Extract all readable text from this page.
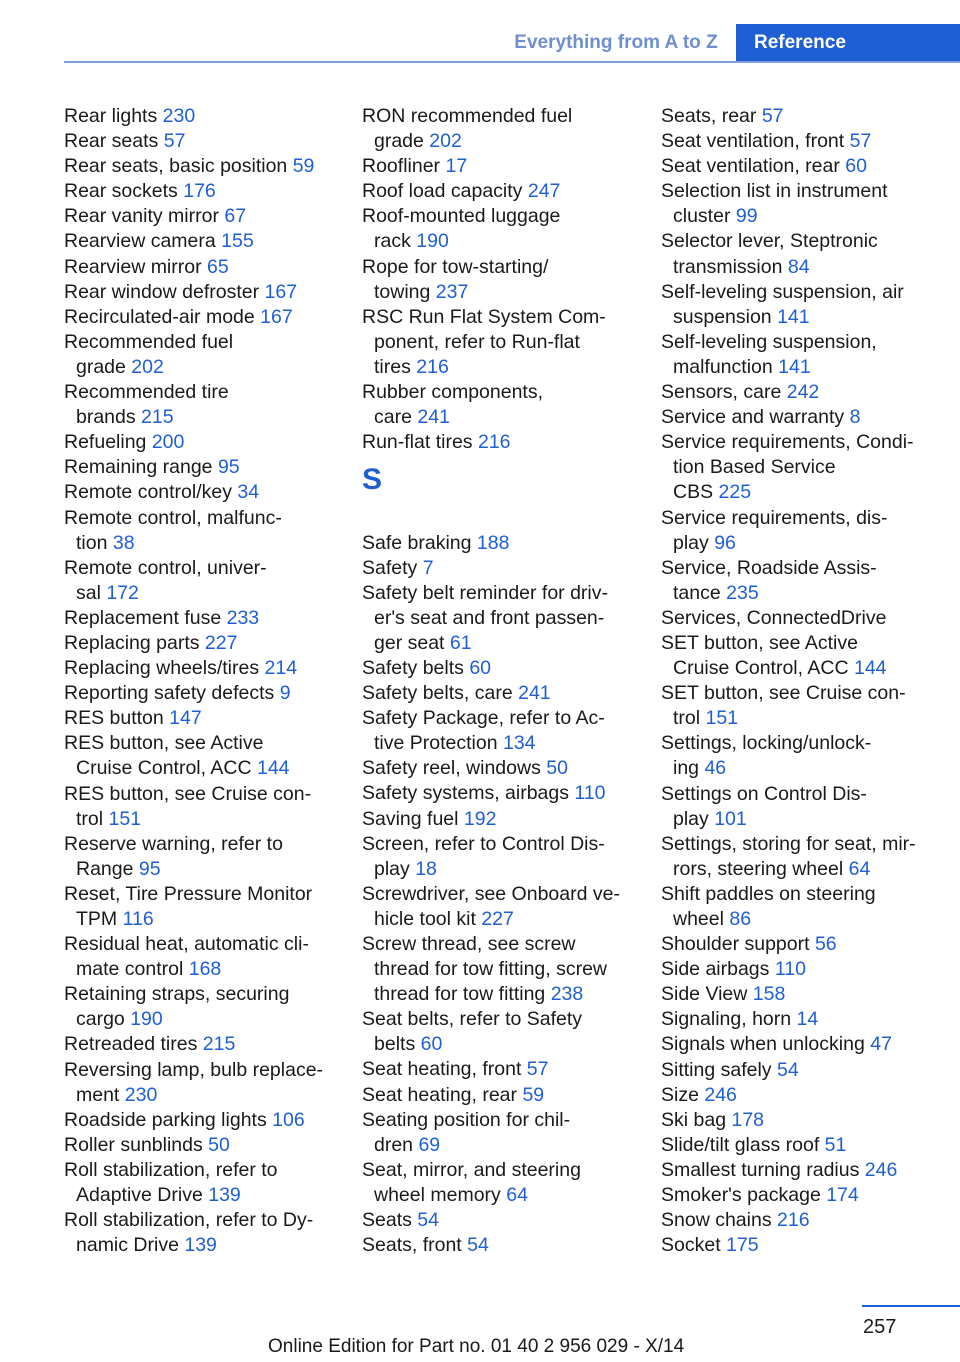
Everything from A to Z	Reference
Rear lights 230
Rear seats 57
Rear seats, basic position 59
Rear sockets 176
Rear vanity mirror 67
Rearview camera 155
Rearview mirror 65
Rear window defroster 167
Recirculated-air mode 167
Recommended fuel
grade 202
Recommended tire
brands 215
Refueling 200
Remaining range 95
Remote control/key 34
Remote control, malfunc-
tion 38
Remote control, univer-
sal 172
Replacement fuse 233
Replacing parts 227
Replacing wheels/tires 214
Reporting safety defects 9
RES button 147
RES button, see Active
Cruise Control, ACC 144
RES button, see Cruise con-
trol 151
Reserve warning, refer to
Range 95
Reset, Tire Pressure Monitor
TPM 116
Residual heat, automatic cli-
mate control 168
Retaining straps, securing
cargo 190
Retreaded tires 215
Reversing lamp, bulb replace-
ment 230
Roadside parking lights 106
Roller sunblinds 50
Roll stabilization, refer to
Adaptive Drive 139
Roll stabilization, refer to Dy-
namic Drive 139
RON recommended fuel
grade 202
Roofliner 17
Roof load capacity 247
Roof-mounted luggage
rack 190
Rope for tow-starting/
towing 237
RSC Run Flat System Com-
ponent, refer to Run-flat
tires 216
Rubber components,
care 241
Run-flat tires 216
S
Safe braking 188
Safety 7
Safety belt reminder for driv-
er's seat and front passen-
ger seat 61
Safety belts 60
Safety belts, care 241
Safety Package, refer to Ac-
tive Protection 134
Safety reel, windows 50
Safety systems, airbags 110
Saving fuel 192
Screen, refer to Control Dis-
play 18
Screwdriver, see Onboard ve-
hicle tool kit 227
Screw thread, see screw
thread for tow fitting, screw
thread for tow fitting 238
Seat belts, refer to Safety
belts 60
Seat heating, front 57
Seat heating, rear 59
Seating position for chil-
dren 69
Seat, mirror, and steering
wheel memory 64
Seats 54
Seats, front 54
Seats, rear 57
Seat ventilation, front 57
Seat ventilation, rear 60
Selection list in instrument
cluster 99
Selector lever, Steptronic
transmission 84
Self-leveling suspension, air
suspension 141
Self-leveling suspension,
malfunction 141
Sensors, care 242
Service and warranty 8
Service requirements, Condi-
tion Based Service
CBS 225
Service requirements, dis-
play 96
Service, Roadside Assis-
tance 235
Services, ConnectedDrive
SET button, see Active
Cruise Control, ACC 144
SET button, see Cruise con-
trol 151
Settings, locking/unlock-
ing 46
Settings on Control Dis-
play 101
Settings, storing for seat, mir-
rors, steering wheel 64
Shift paddles on steering
wheel 86
Shoulder support 56
Side airbags 110
Side View 158
Signaling, horn 14
Signals when unlocking 47
Sitting safely 54
Size 246
Ski bag 178
Slide/tilt glass roof 51
Smallest turning radius 246
Smoker's package 174
Snow chains 216
Socket 175
257
Online Edition for Part no. 01 40 2 956 029 - X/14
